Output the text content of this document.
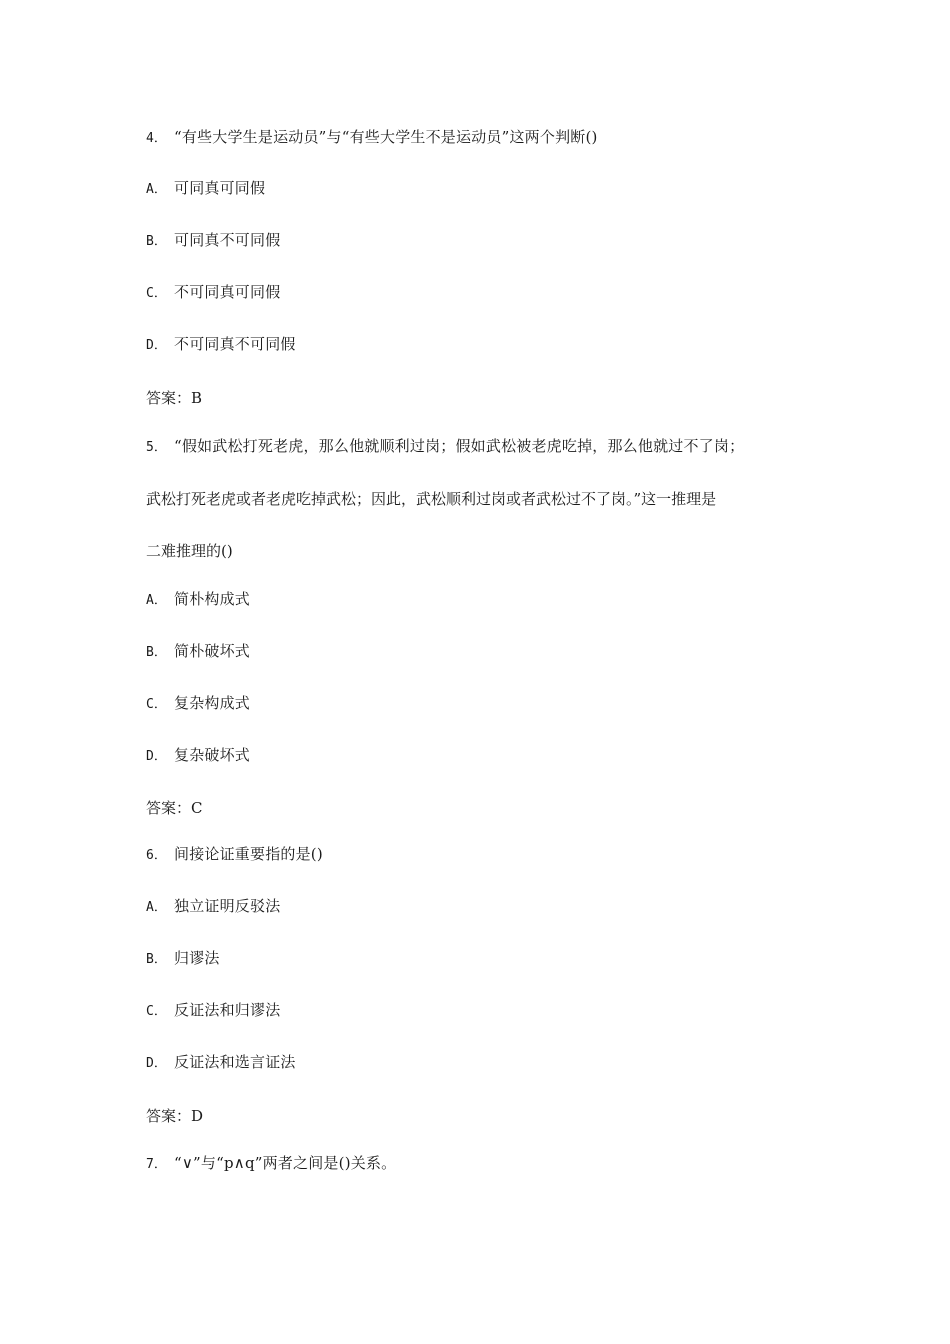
4． “有些大学生是运动员”与“有些大学生不是运动员”这两个判断()
A． 可同真可同假
B． 可同真不可同假
C． 不可同真可同假
D． 不可同真不可同假
答案：B
5． “假如武松打死老虎，那么他就顺利过岗；假如武松被老虎吃掉，那么他就过不了岗；
武松打死老虎或者老虎吃掉武松；因此，武松顺利过岗或者武松过不了岗。”这一推理是
二难推理的()
A． 简朴构成式
B． 简朴破坏式
C． 复杂构成式
D． 复杂破坏式
答案：C
6． 间接论证重要指的是()
A． 独立证明反驳法
B． 归谬法
C． 反证法和归谬法
D． 反证法和选言证法
答案：D
7． “∨”与“p∧q”两者之间是()关系。
